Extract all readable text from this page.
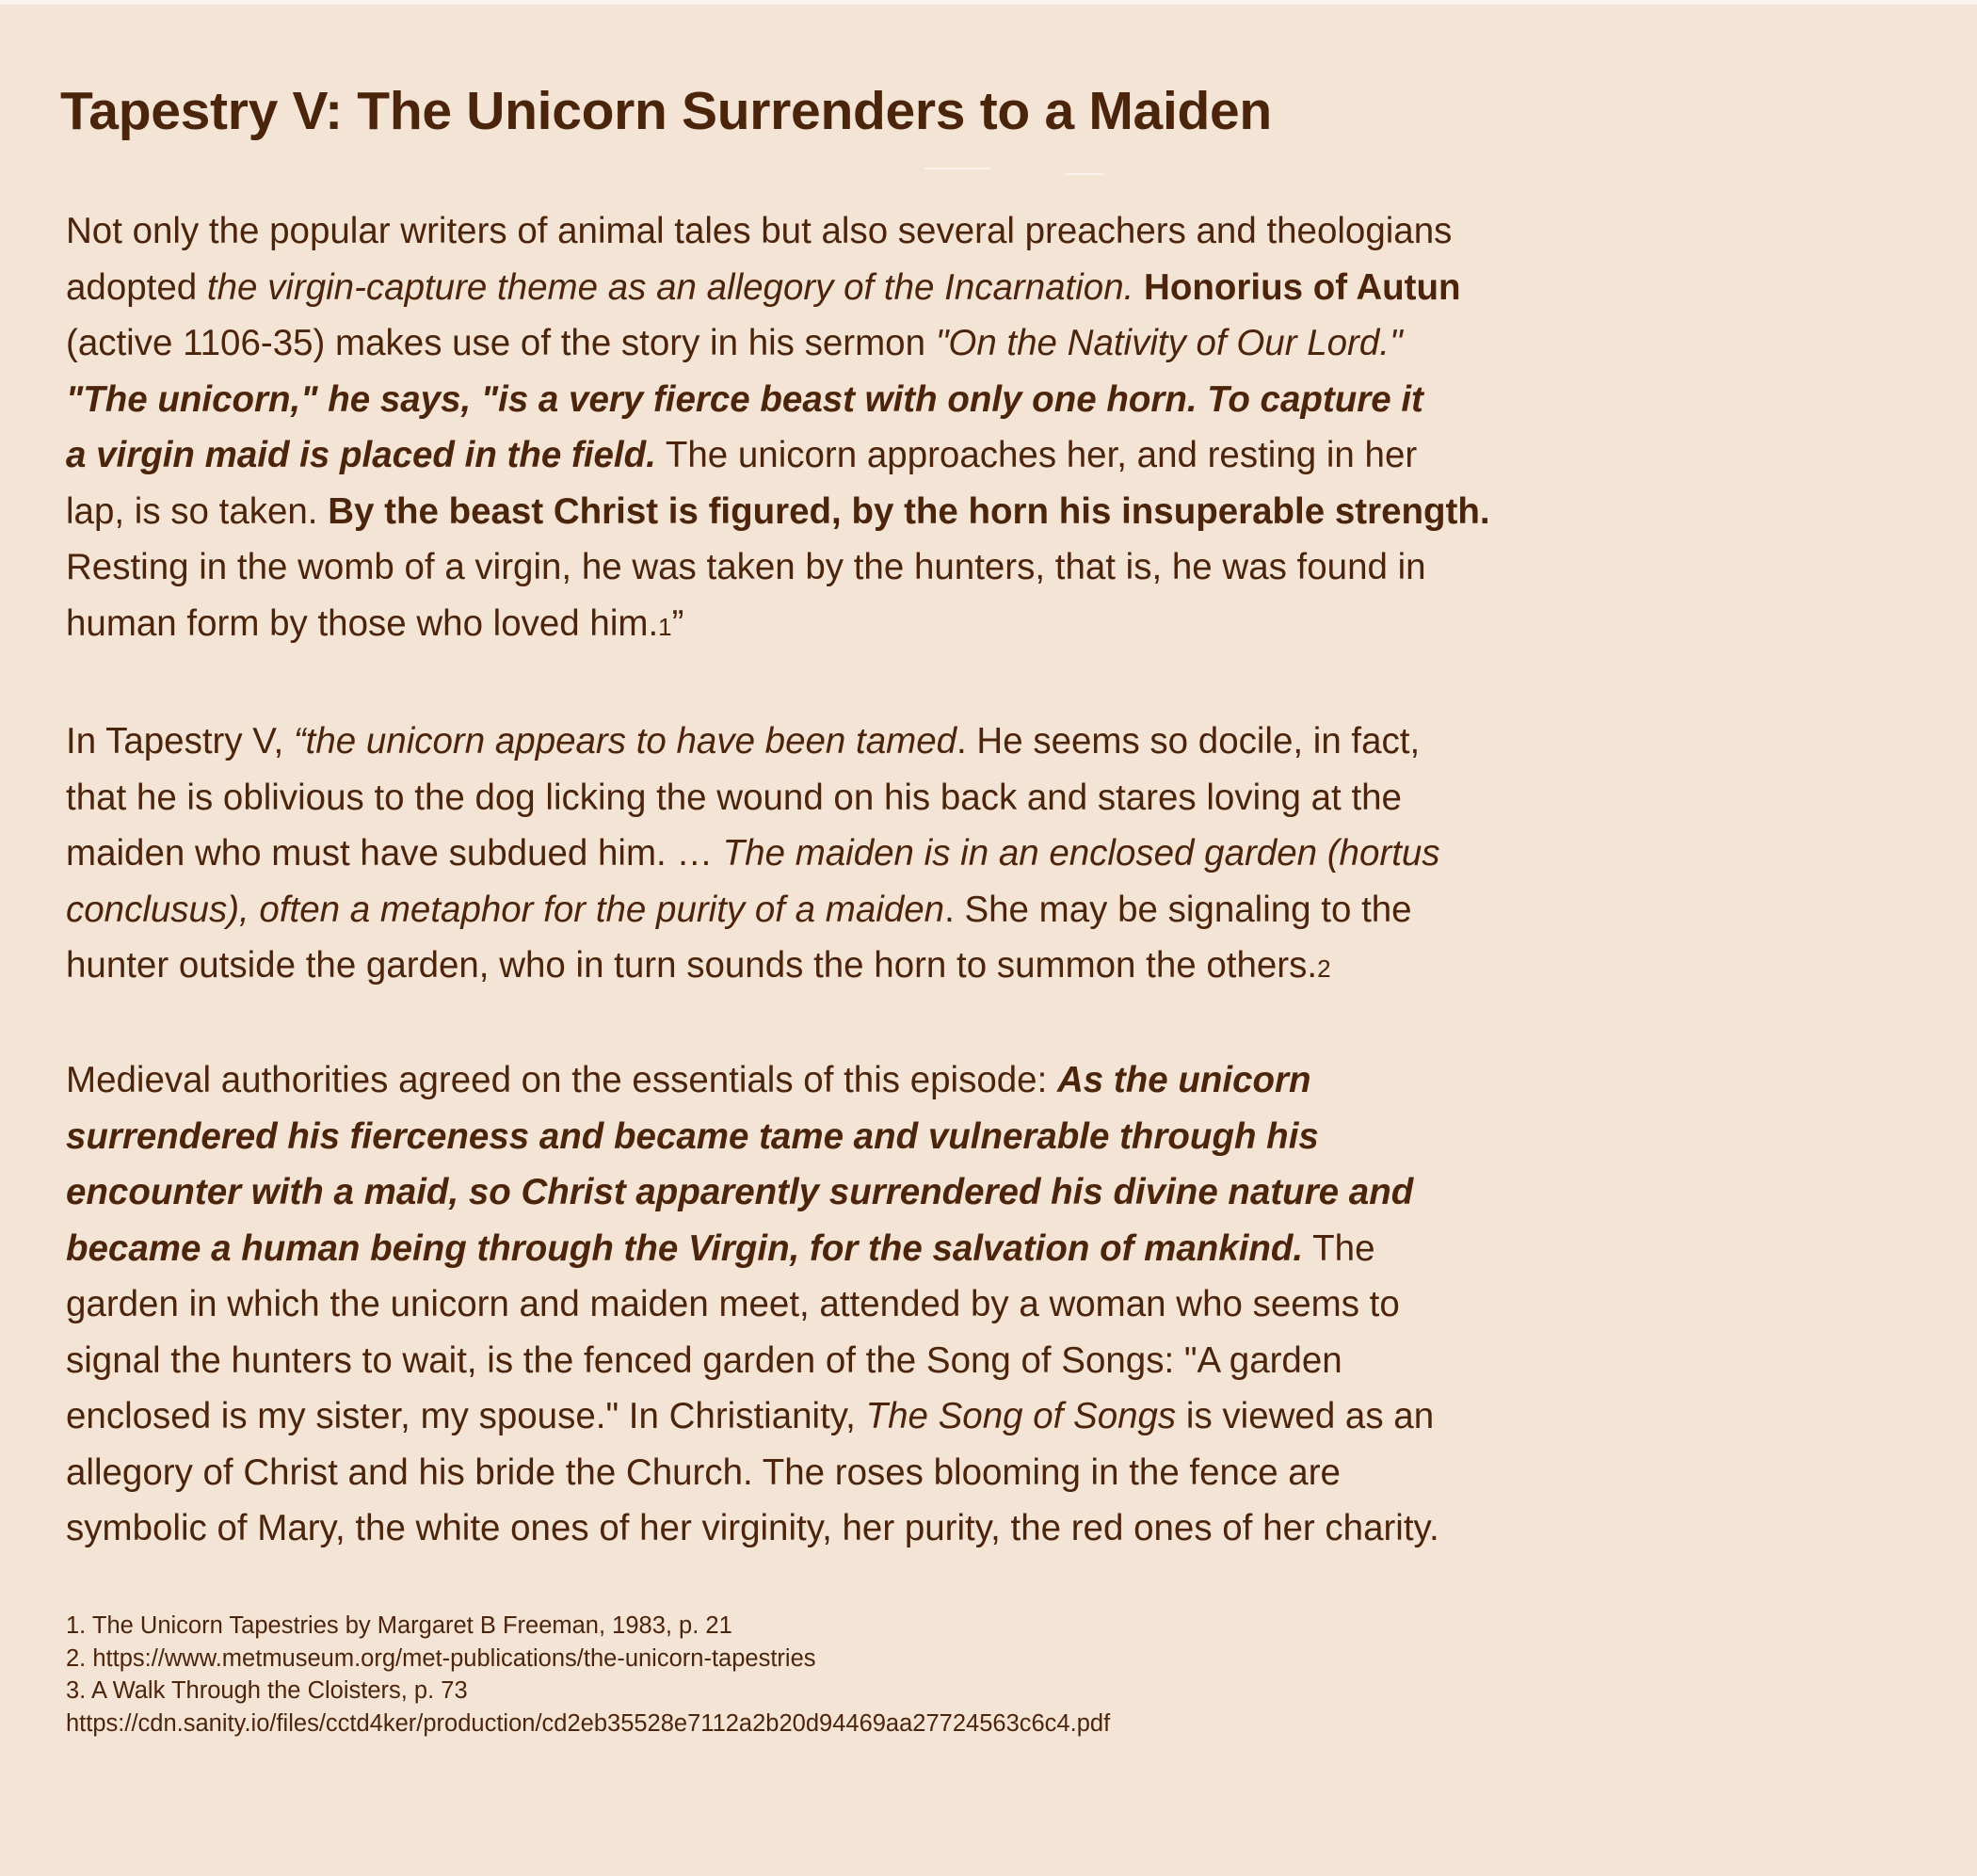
Tapestry V: The Unicorn Surrenders to a Maiden
Not only the popular writers of animal tales but also several preachers and theologians
adopted the virgin-capture theme as an allegory of the Incarnation. Honorius of Autun
(active 1106-35) makes use of the story in his sermon "On the Nativity of Our Lord."
"The unicorn," he says, "is a very fierce beast with only one horn. To capture it
a virgin maid is placed in the field. The unicorn approaches her, and resting in her
lap, is so taken. By the beast Christ is figured, by the horn his insuperable strength.
Resting in the womb of a virgin, he was taken by the hunters, that is, he was found in
human form by those who loved him.1”
In Tapestry V, “the unicorn appears to have been tamed. He seems so docile, in fact,
that he is oblivious to the dog licking the wound on his back and stares loving at the
maiden who must have subdued him. … The maiden is in an enclosed garden (hortus
conclusus), often a metaphor for the purity of a maiden. She may be signaling to the
hunter outside the garden, who in turn sounds the horn to summon the others.2
Medieval authorities agreed on the essentials of this episode: As the unicorn
surrendered his fierceness and became tame and vulnerable through his
encounter with a maid, so Christ apparently surrendered his divine nature and
became a human being through the Virgin, for the salvation of mankind. The
garden in which the unicorn and maiden meet, attended by a woman who seems to
signal the hunters to wait, is the fenced garden of the Song of Songs: "A garden
enclosed is my sister, my spouse." In Christianity, The Song of Songs is viewed as an
allegory of Christ and his bride the Church. The roses blooming in the fence are
symbolic of Mary, the white ones of her virginity, her purity, the red ones of her charity.
1. The Unicorn Tapestries by Margaret B Freeman, 1983, p. 21
2. https://www.metmuseum.org/met-publications/the-unicorn-tapestries
3. A Walk Through the Cloisters, p. 73
https://cdn.sanity.io/files/cctd4ker/production/cd2eb35528e7112a2b20d94469aa27724563c6c4.pdf
